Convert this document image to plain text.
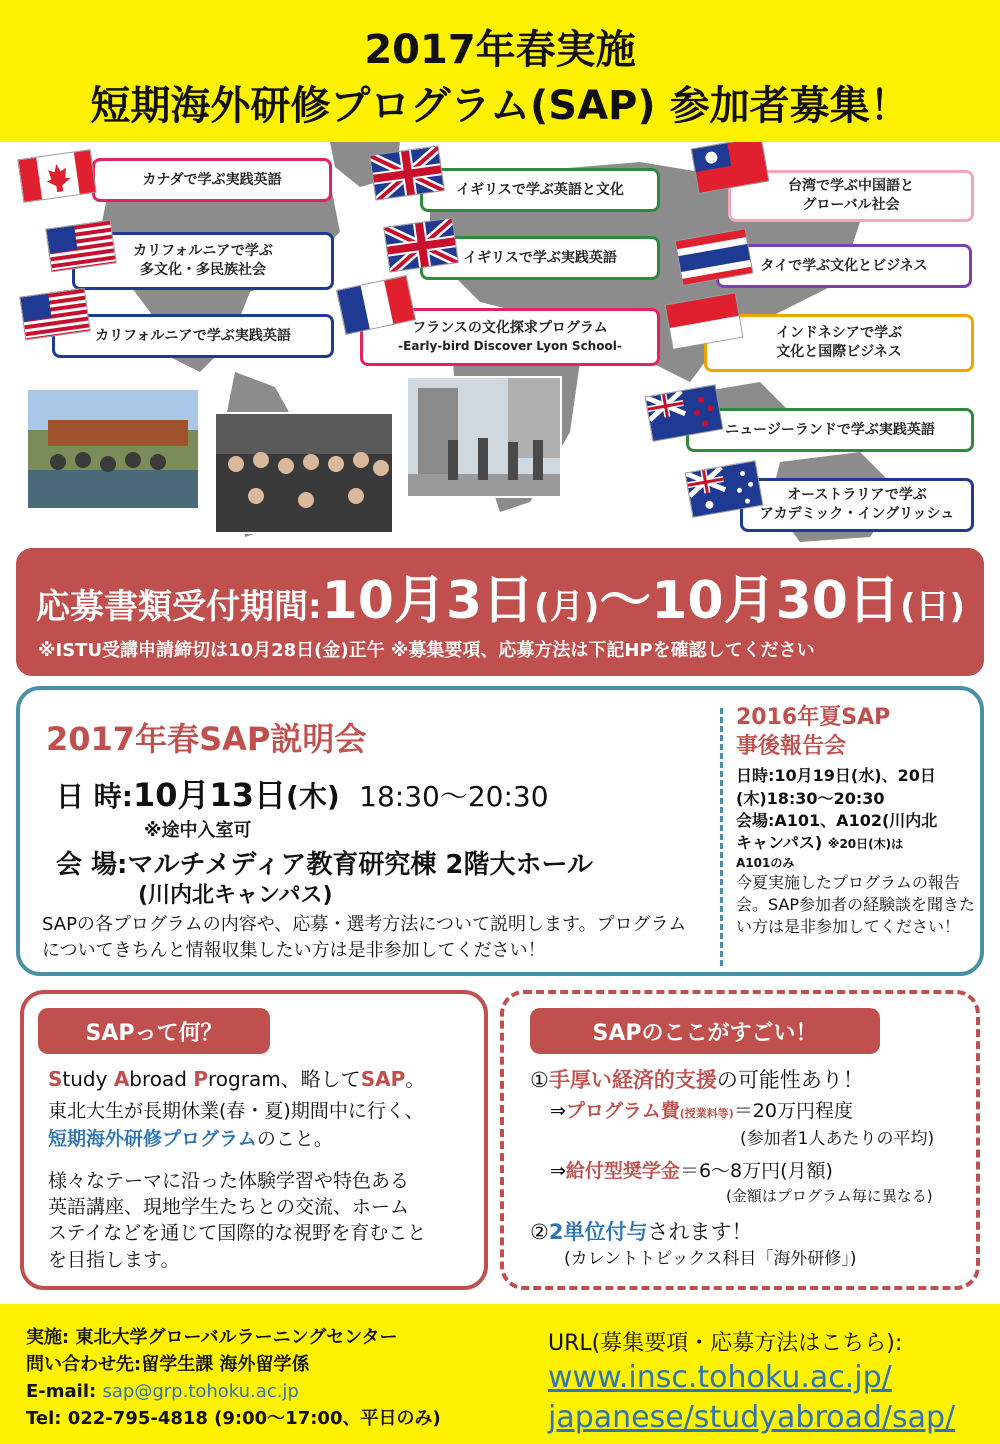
2017年春実施
短期海外研修プログラム(SAP) 参加者募集！
カナダで学ぶ実践英語
カリフォルニアで学ぶ
多文化・多民族社会
カリフォルニアで学ぶ実践英語
イギリスで学ぶ英語と文化
イギリスで学ぶ実践英語
フランスの文化探求プログラム
-Early-bird Discover Lyon School-
台湾で学ぶ中国語と
グローバル社会
タイで学ぶ文化とビジネス
インドネシアで学ぶ
文化と国際ビジネス
ニュージーランドで学ぶ実践英語
オーストラリアで学ぶ
アカデミック・イングリッシュ
応募書類受付期間:10月3日(月)〜10月30日(日)
※ISTU受講申請締切は10月28日(金)正午 ※募集要項、応募方法は下記HPを確認してください
2017年春SAP説明会
日 時:10月13日(木) 18:30〜20:30
※途中入室可
会 場:マルチメディア教育研究棟 2階大ホール
(川内北キャンパス)
SAPの各プログラムの内容や、応募・選考方法について説明します。プログラムについてきちんと情報収集したい方は是非参加してください！
2016年夏SAP
事後報告会
日時:10月19日(水)、20日
(木)18:30〜20:30
会場:A101、A102(川内北
キャンパス) ※20日(木)は
A101のみ
今夏実施したプログラムの報告会。SAP参加者の経験談を聞きたい方は是非参加してください！
SAPって何？
Study Abroad Program、略してSAP。
東北大生が長期休業(春・夏)期間中に行く、
短期海外研修プログラムのこと。
様々なテーマに沿った体験学習や特色ある
英語講座、現地学生たちとの交流、ホーム
ステイなどを通じて国際的な視野を育むこと
を目指します。
SAPのここがすごい！
①手厚い経済的支援の可能性あり！
⇒プログラム費(授業料等)＝20万円程度
(参加者1人あたりの平均)
⇒給付型奨学金＝6〜8万円(月額)
(金額はプログラム毎に異なる)
②2単位付与されます！
(カレントトピックス科目「海外研修」)
実施: 東北大学グローバルラーニングセンター
問い合わせ先:留学生課 海外留学係
E-mail: sap@grp.tohoku.ac.jp
Tel: 022-795-4818 (9:00〜17:00、平日のみ)
URL(募集要項・応募方法はこちら):
www.insc.tohoku.ac.jp/
japanese/studyabroad/sap/
